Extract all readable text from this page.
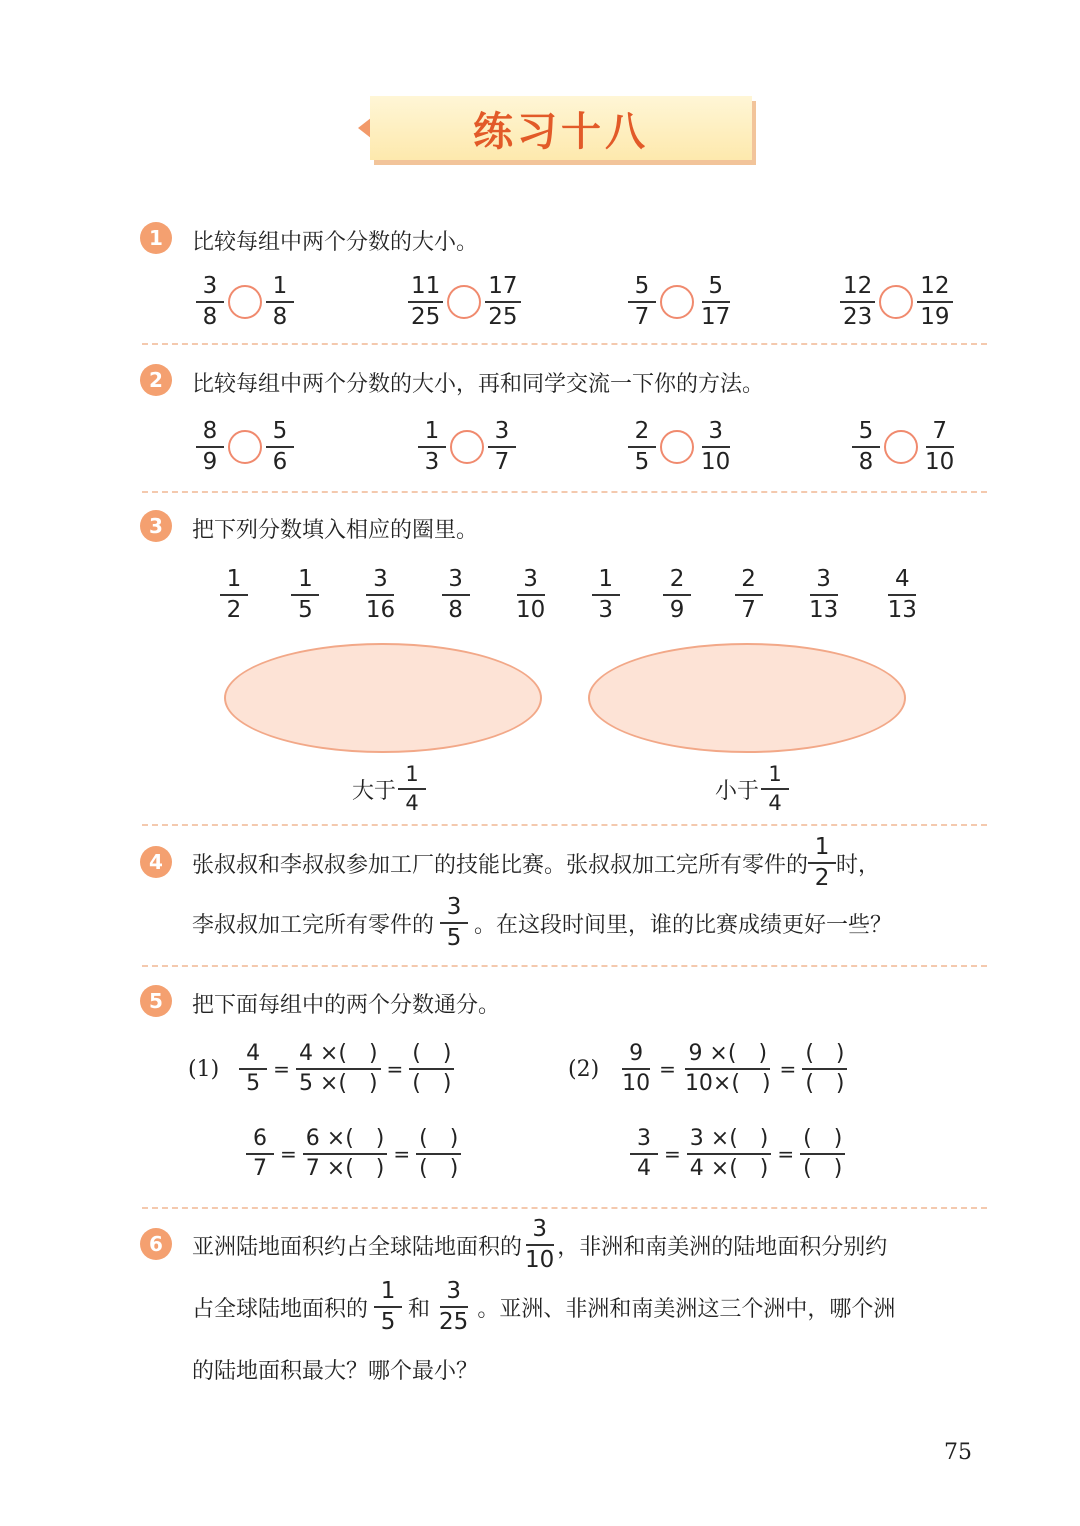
练习十八
1	比较每组中两个分数的大小。
$\frac{3}{8} \frac{1}{8}$	$\frac{11}{25} \frac{17}{25}$	$\frac{5}{7} \frac{5}{17}$	$\frac{12}{23} \frac{12}{19}$
2	比较每组中两个分数的大小，再和同学交流一下你的方法。
$\frac{8}{9} \frac{5}{6}$	$\frac{1}{3} \frac{3}{7}$	$\frac{2}{5} \frac{3}{10}$	$\frac{5}{8} \frac{7}{10}$
3	把下列分数填入相应的圈里。
$\frac{1}{2} \frac{1}{5} \frac{3}{16} \frac{3}{8} \frac{3}{10} \frac{1}{3} \frac{2}{9} \frac{2}{7} \frac{3}{13} \frac{4}{13}$
大于 $\frac{1}{4}$	小于 $\frac{1}{4}$
4	张叔叔和李叔叔参加工厂的技能比赛。张叔叔加工完所有零件的 $\frac{1}{2}$ 时，
李叔叔加工完所有零件的 $\frac{3}{5}$ 。在这段时间里，谁的比赛成绩更好一些？
5	把下面每组中的两个分数通分。
$(1) \frac{4}{5} = \frac{4 \times( )}{5 \times( )} = \frac{( )}{( )}$	$(2) \frac{9}{10} = \frac{9 \times( )}{10\times( )} = \frac{( )}{( )}$
$\frac{6}{7} = \frac{6 \times( )}{7 \times( )} = \frac{( )}{( )}$	$\frac{3}{4} = \frac{3 \times( )}{4 \times( )} = \frac{( )}{( )}$
6	亚洲陆地面积约占全球陆地面积的 $\frac{3}{10}$ ，非洲和南美洲的陆地面积分别约
占全球陆地面积的 $\frac{1}{5}$ 和 $\frac{3}{25}$ 。亚洲、非洲和南美洲这三个洲中，哪个洲
的陆地面积最大？哪个最小？
75
